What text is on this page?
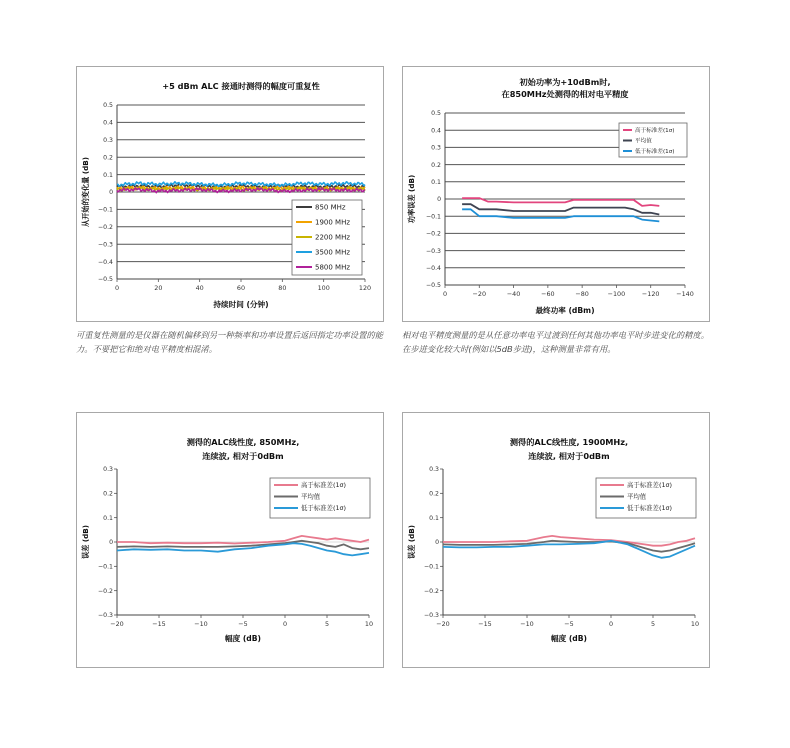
+5 dBm ALC 接通时测得的幅度可重复性
0.5
0.4
0.3
0.2
0.1
0
−0.1
−0.2
−0.3
−0.4
−0.5
0	20	40	60	80	100	120
持续时间 (分钟)
从开始的变化量 (dB)	850 MHz
1900 MHz
2200 MHz
3500 MHz
5800 MHz
初始功率为+10dBm时,
在850MHz处测得的相对电平精度
0.5
0.4
0.3
0.2
0.1
0
−0.1
−0.2
−0.3
−0.4
−0.5
0	−20	−40	−60	−80	−100	−120	−140
最终功率 (dBm)
功率误差 (dB)
高于标准差(1σ)
平均值
低于标准差(1σ)
测得的ALC线性度, 850MHz,
连续波, 相对于0dBm
0.3
0.2
0.1
0
−0.1
−0.2
−0.3
−20	−15	−10	−5	0	5	10
幅度 (dB)
误差 (dB)
高于标准差(1σ)
平均值
低于标准差(1σ)
测得的ALC线性度, 1900MHz,
连续波, 相对于0dBm
0.3
0.2
0.1
0
−0.1
−0.2
−0.3
−20	−15	−10	−5	0	5	10
幅度 (dB)
误差 (dB)
高于标准差(1σ)
平均值
低于标准差(1σ)

可重复性测量的是仪器在随机偏移到另一种频率和功率设置后返回指定功率设置的能力。不要把它和绝对电平精度相混淆。

相对电平精度测量的是从任意功率电平过渡到任何其他功率电平时步进变化的精度。在步进变化较大时(例如以5dB步进)，这种测量非常有用。
